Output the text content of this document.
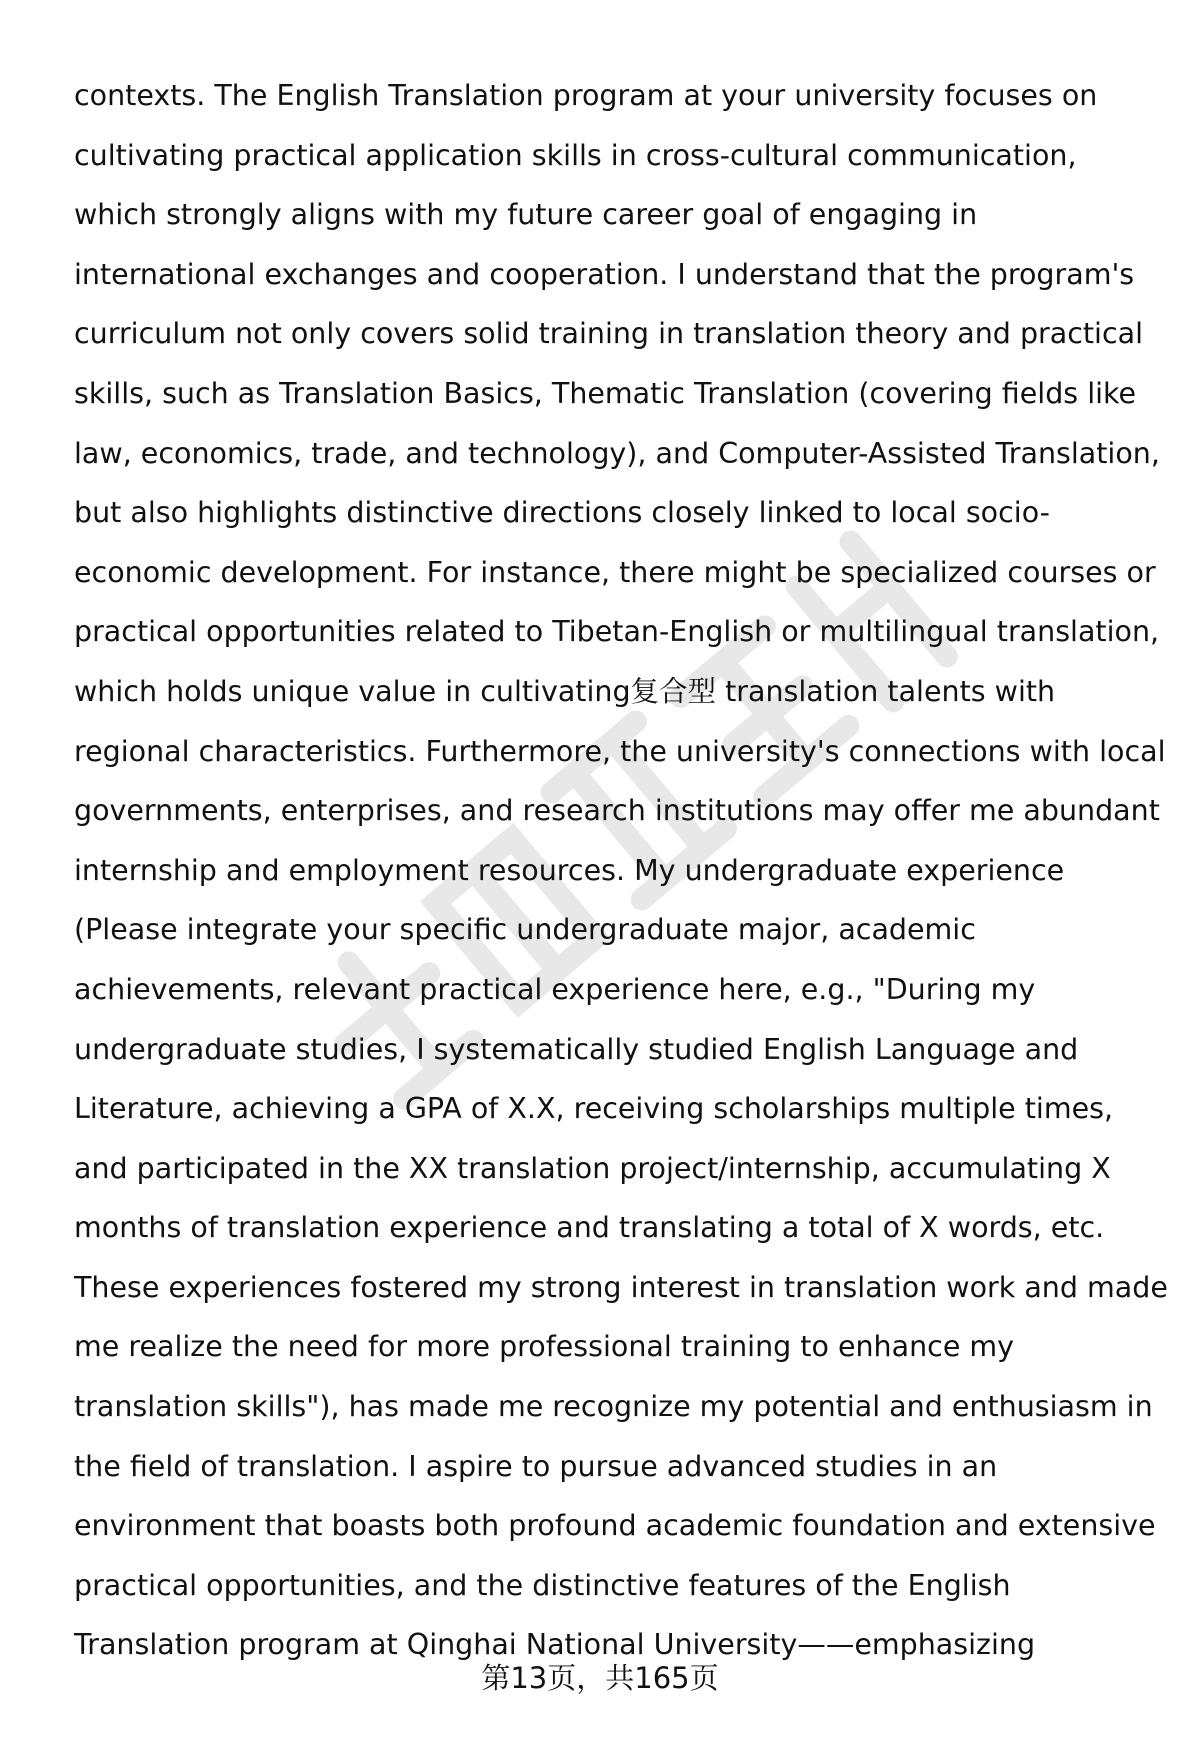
contexts. The English Translation program at your university focuses on
cultivating practical application skills in cross-cultural communication,
which strongly aligns with my future career goal of engaging in
international exchanges and cooperation. I understand that the program's
curriculum not only covers solid training in translation theory and practical
skills, such as Translation Basics, Thematic Translation (covering fields like
law, economics, trade, and technology), and Computer-Assisted Translation,
but also highlights distinctive directions closely linked to local socio-
economic development. For instance, there might be specialized courses or
practical opportunities related to Tibetan-English or multilingual translation,
which holds unique value in cultivating复合型 translation talents with
regional characteristics. Furthermore, the university's connections with local
governments, enterprises, and research institutions may offer me abundant
internship and employment resources. My undergraduate experience
(Please integrate your specific undergraduate major, academic
achievements, relevant practical experience here, e.g., "During my
undergraduate studies, I systematically studied English Language and
Literature, achieving a GPA of X.X, receiving scholarships multiple times,
and participated in the XX translation project/internship, accumulating X
months of translation experience and translating a total of X words, etc.
These experiences fostered my strong interest in translation work and made
me realize the need for more professional training to enhance my
translation skills"), has made me recognize my potential and enthusiasm in
the field of translation. I aspire to pursue advanced studies in an
environment that boasts both profound academic foundation and extensive
practical opportunities, and the distinctive features of the English
Translation program at Qinghai National University——emphasizing
第13页，共165页
